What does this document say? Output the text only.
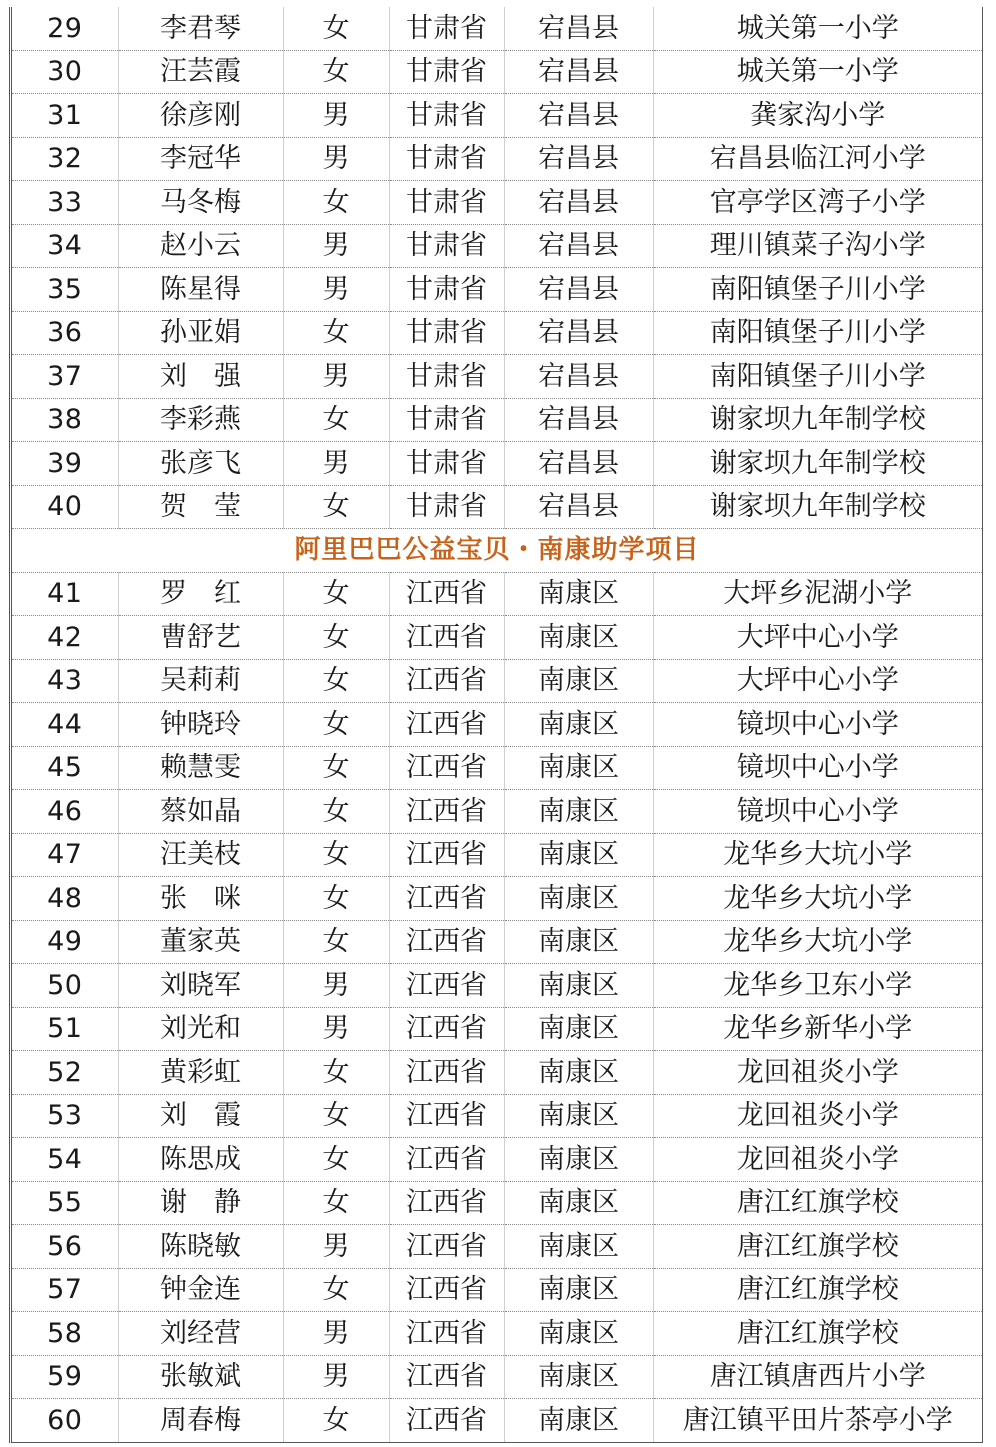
29	李君琴	女	甘肃省	宕昌县	城关第一小学
30	汪芸霞	女	甘肃省	宕昌县	城关第一小学
31	徐彦刚	男	甘肃省	宕昌县	龚家沟小学
32	李冠华	男	甘肃省	宕昌县	宕昌县临江河小学
33	马冬梅	女	甘肃省	宕昌县	官亭学区湾子小学
34	赵小云	男	甘肃省	宕昌县	理川镇菜子沟小学
35	陈星得	男	甘肃省	宕昌县	南阳镇堡子川小学
36	孙亚娟	女	甘肃省	宕昌县	南阳镇堡子川小学
37	刘　强	男	甘肃省	宕昌县	南阳镇堡子川小学
38	李彩燕	女	甘肃省	宕昌县	谢家坝九年制学校
39	张彦飞	男	甘肃省	宕昌县	谢家坝九年制学校
40	贺　莹	女	甘肃省	宕昌县	谢家坝九年制学校
阿里巴巴公益宝贝・南康助学项目					
41	罗　红	女	江西省	南康区	大坪乡泥湖小学
42	曹舒艺	女	江西省	南康区	大坪中心小学
43	吴莉莉	女	江西省	南康区	大坪中心小学
44	钟晓玲	女	江西省	南康区	镜坝中心小学
45	赖慧雯	女	江西省	南康区	镜坝中心小学
46	蔡如晶	女	江西省	南康区	镜坝中心小学
47	汪美枝	女	江西省	南康区	龙华乡大坑小学
48	张　咪	女	江西省	南康区	龙华乡大坑小学
49	董家英	女	江西省	南康区	龙华乡大坑小学
50	刘晓军	男	江西省	南康区	龙华乡卫东小学
51	刘光和	男	江西省	南康区	龙华乡新华小学
52	黄彩虹	女	江西省	南康区	龙回祖炎小学
53	刘　霞	女	江西省	南康区	龙回祖炎小学
54	陈思成	女	江西省	南康区	龙回祖炎小学
55	谢　静	女	江西省	南康区	唐江红旗学校
56	陈晓敏	男	江西省	南康区	唐江红旗学校
57	钟金连	女	江西省	南康区	唐江红旗学校
58	刘经营	男	江西省	南康区	唐江红旗学校
59	张敏斌	男	江西省	南康区	唐江镇唐西片小学
60	周春梅	女	江西省	南康区	唐江镇平田片茶亭小学
